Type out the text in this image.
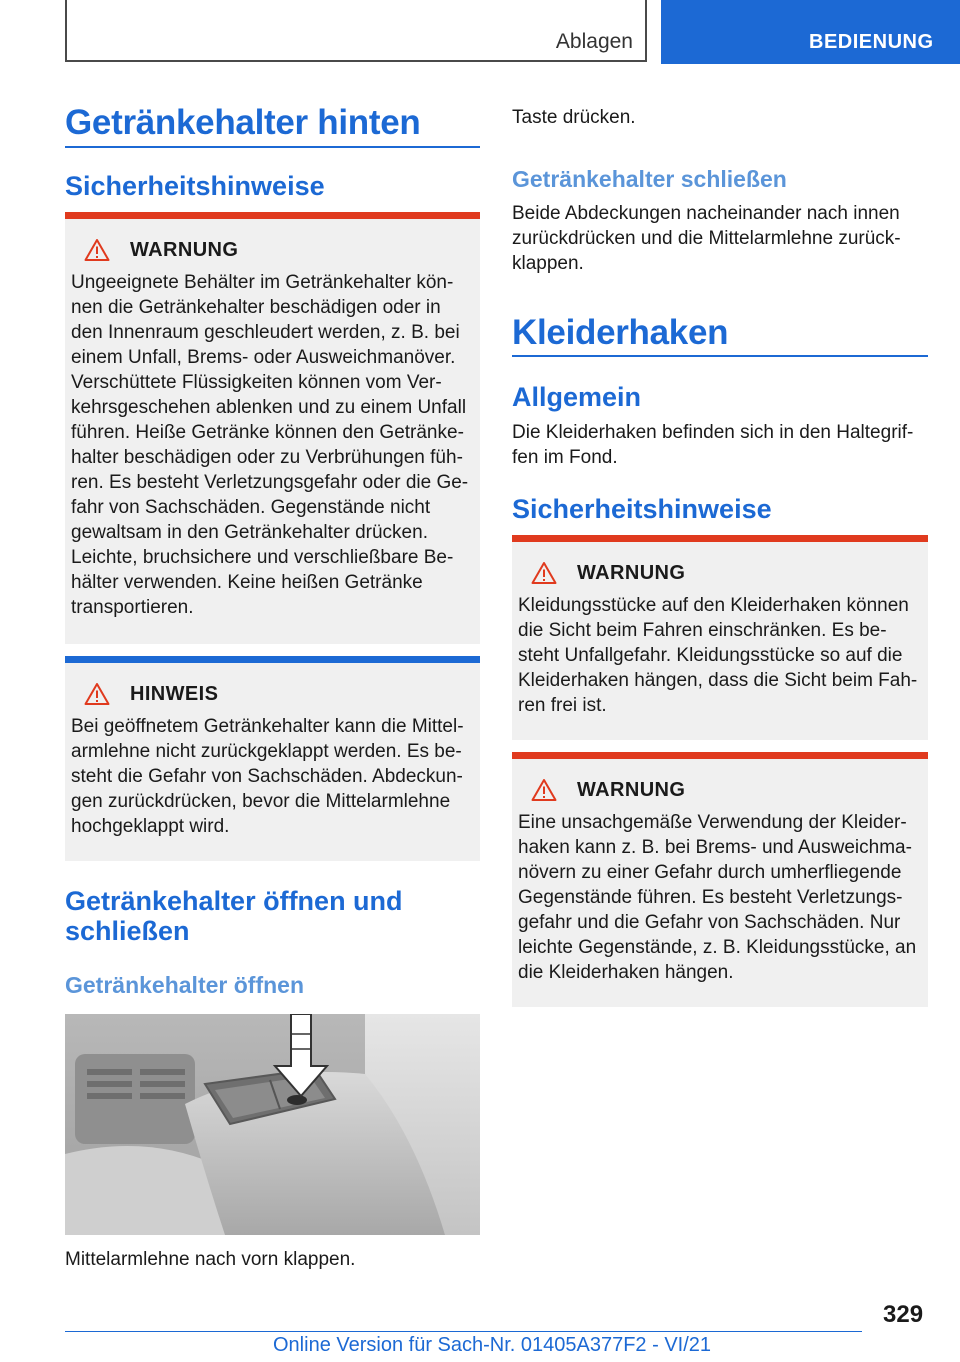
Ablagen	BEDIENUNG
Getränkehalter hinten
Sicherheitshinweise
WARNUNG
Ungeeignete Behälter im Getränkehalter kön-
nen die Getränkehalter beschädigen oder in
den Innenraum geschleudert werden, z. B. bei
einem Unfall, Brems- oder Ausweichmanöver.
Verschüttete Flüssigkeiten können vom Ver-
kehrsgeschehen ablenken und zu einem Unfall
führen. Heiße Getränke können den Getränke-
halter beschädigen oder zu Verbrühungen füh-
ren. Es besteht Verletzungsgefahr oder die Ge-
fahr von Sachschäden. Gegenstände nicht
gewaltsam in den Getränkehalter drücken.
Leichte, bruchsichere und verschließbare Be-
hälter verwenden. Keine heißen Getränke
transportieren.
HINWEIS
Bei geöffnetem Getränkehalter kann die Mittel-
armlehne nicht zurückgeklappt werden. Es be-
steht die Gefahr von Sachschäden. Abdeckun-
gen zurückdrücken, bevor die Mittelarmlehne
hochgeklappt wird.
Getränkehalter öffnen und
schließen
Getränkehalter öffnen

Mittelarmlehne nach vorn klappen.

Taste drücken.

Getränkehalter schließen

Beide Abdeckungen nacheinander nach innen
zurückdrücken und die Mittelarmlehne zurück-
klappen.

Kleiderhaken
Allgemein

Die Kleiderhaken befinden sich in den Haltegrif-
fen im Fond.

Sicherheitshinweise
WARNUNG
Kleidungsstücke auf den Kleiderhaken können
die Sicht beim Fahren einschränken. Es be-
steht Unfallgefahr. Kleidungsstücke so auf die
Kleiderhaken hängen, dass die Sicht beim Fah-
ren frei ist.
WARNUNG
Eine unsachgemäße Verwendung der Kleider-
haken kann z. B. bei Brems- und Ausweichma-
növern zu einer Gefahr durch umherfliegende
Gegenstände führen. Es besteht Verletzungs-
gefahr und die Gefahr von Sachschäden. Nur
leichte Gegenstände, z. B. Kleidungsstücke, an
die Kleiderhaken hängen.
329
Online Version für Sach-Nr. 01405A377F2 - VI/21
